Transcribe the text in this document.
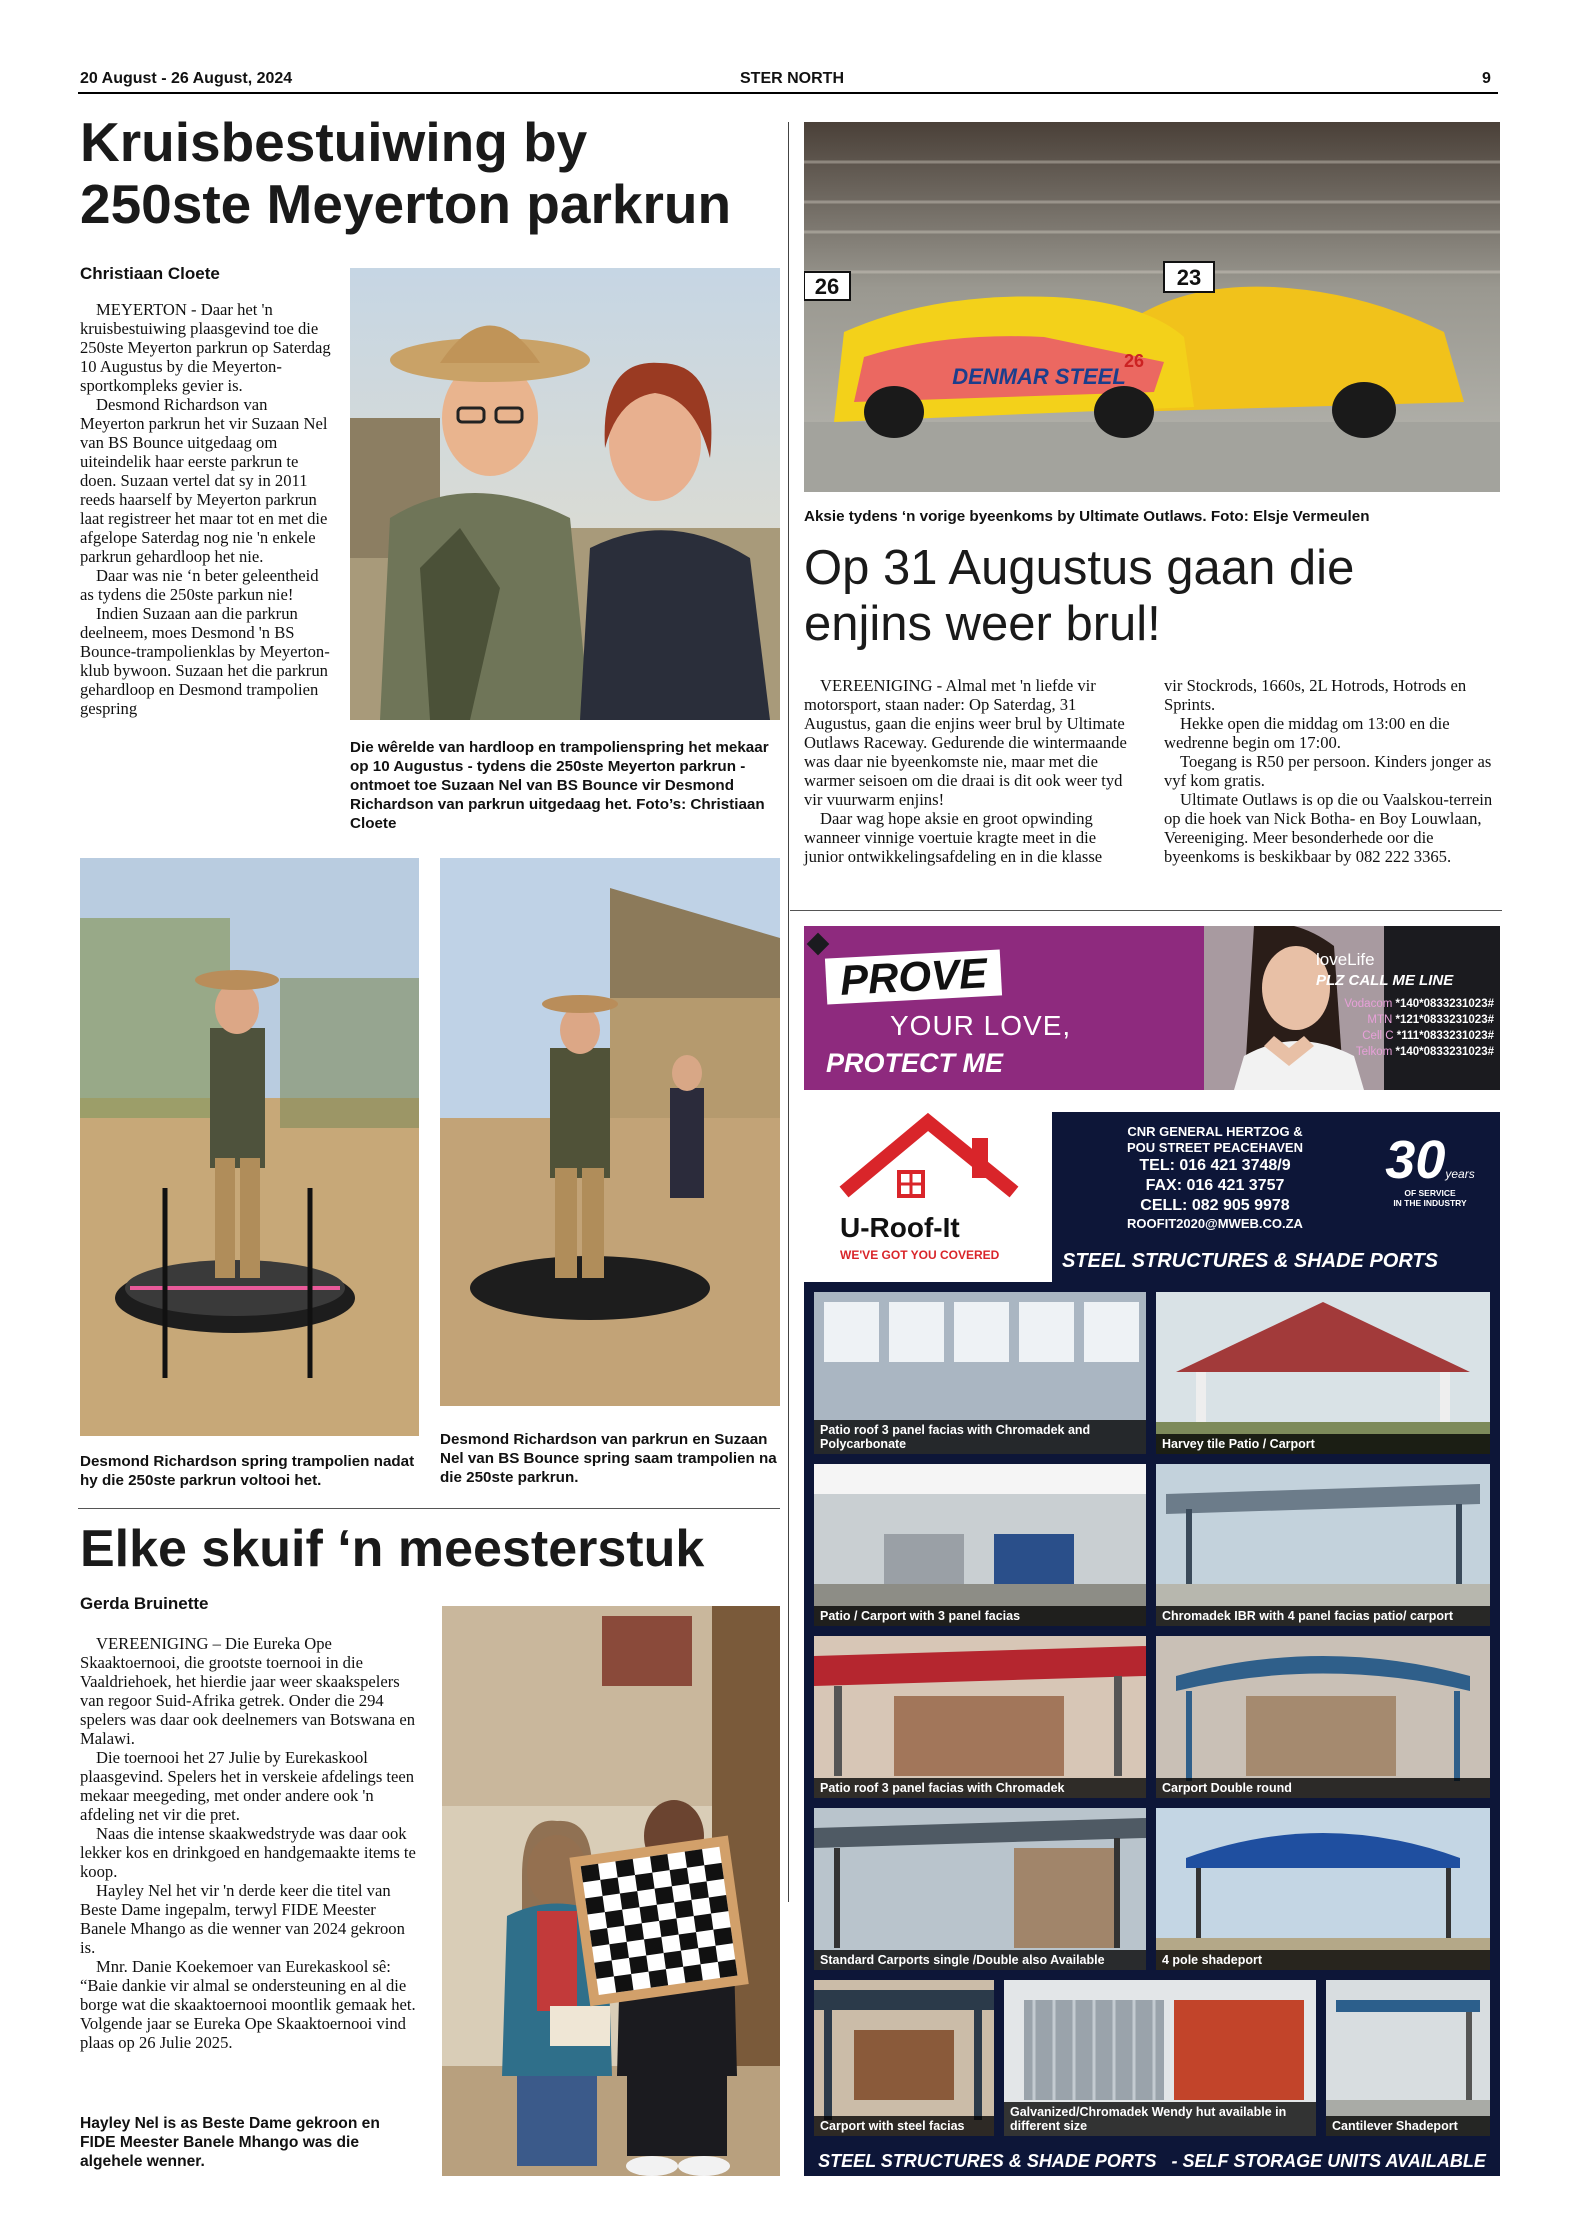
20 August - 26 August, 2024	STER NORTH	9
Kruisbestuiwing by
250ste Meyerton parkrun
Christiaan Cloete

MEYERTON - Daar het 'n kruisbestuiwing plaasgevind toe die 250ste Meyerton parkrun op Saterdag 10 Augustus by die Meyerton-sportkompleks gevier is.

Desmond Richardson van Meyerton parkrun het vir Suzaan Nel van BS Bounce uitgedaag om uiteindelik haar eerste parkrun te doen. Suzaan vertel dat sy in 2011 reeds haarself by Meyerton parkrun laat registreer het maar tot en met die afgelope Saterdag nog nie 'n enkele parkrun gehardloop het nie.

Daar was nie ‘n beter geleentheid as tydens die 250ste parkun nie!

Indien Suzaan aan die parkrun deelneem, moes Desmond 'n BS Bounce-trampolienklas by Meyerton-klub bywoon. Suzaan het die parkrun gehardloop en Desmond trampolien gespring

Die wêrelde van hardloop en trampolienspring het mekaar op 10 Augustus - tydens die 250ste Meyerton parkrun - ontmoet toe Suzaan Nel van BS Bounce vir Desmond Richardson van parkrun uitgedaag het. Foto’s: Christiaan Cloete
Desmond Richardson spring trampolien nadat hy die 250ste parkrun voltooi het.
Desmond Richardson van parkrun en Suzaan Nel van BS Bounce spring saam trampolien na die 250ste parkrun.
Elke skuif ‘n meesterstuk
Gerda Bruinette

VEREENIGING – Die Eureka Ope Skaaktoernooi, die grootste toernooi in die Vaaldriehoek, het hierdie jaar weer skaakspelers van regoor Suid-Afrika getrek. Onder die 294 spelers was daar ook deelnemers van Botswana en Malawi.

Die toernooi het 27 Julie by Eurekaskool plaasgevind. Spelers het in verskeie afdelings teen mekaar meegeding, met onder andere ook 'n afdeling net vir die pret.

Naas die intense skaakwedstryde was daar ook lekker kos en drinkgoed en handgemaakte items te koop.

Hayley Nel het vir 'n derde keer die titel van Beste Dame ingepalm, terwyl FIDE Meester Banele Mhango as die wenner van 2024 gekroon is.

Mnr. Danie Koekemoer van Eurekaskool sê: “Baie dankie vir almal se ondersteuning en al die borge wat die skaaktoernooi moontlik gemaak het. Volgende jaar se Eureka Ope Skaaktoernooi vind plaas op 26 Julie 2025.

Hayley Nel is as Beste Dame gekroon en FIDE Meester Banele Mhango was die algehele wenner.
23
DENMAR STEEL
26
26
Aksie tydens ‘n vorige byeenkoms by Ultimate Outlaws. Foto: Elsje Vermeulen
Op 31 Augustus gaan die
enjins weer brul!

VEREENIGING - Almal met 'n liefde vir motorsport, staan nader: Op Saterdag, 31 Augustus, gaan die enjins weer brul by Ultimate Outlaws Raceway. Gedurende die wintermaande was daar nie byeenkomste nie, maar met die warmer seisoen om die draai is dit ook weer tyd vir vuurwarm enjins!

Daar wag hope aksie en groot opwinding wanneer vinnige voertuie kragte meet in die junior ontwikkelingsafdeling en in die klasse

vir Stockrods, 1660s, 2L Hotrods, Hotrods en Sprints.

Hekke open die middag om 13:00 en die wedrenne begin om 17:00.

Toegang is R50 per persoon. Kinders jonger as vyf kom gratis.

Ultimate Outlaws is op die ou Vaalskou-terrein op die hoek van Nick Botha- en Boy Louwlaan, Vereeniging. Meer besonderhede oor die byeenkoms is beskikbaar by 082 222 3365.

PROVE
YOUR LOVE,
PROTECT ME
loveLife
PLZ CALL ME LINE
Vodacom *140*0833231023#
MTN *121*0833231023#
Cell C *111*0833231023#
Telkom *140*0833231023#
U-Roof-It
WE'VE GOT YOU COVERED
CNR GENERAL HERTZOG &
POU STREET PEACEHAVEN
TEL: 016 421 3748/9
FAX: 016 421 3757
CELL: 082 905 9978
ROOFIT2020@MWEB.CO.ZA
30years
OF SERVICE
IN THE INDUSTRY
STEEL STRUCTURES & SHADE PORTS
Patio roof 3 panel facias with Chromadek and Polycarbonate	Harvey tile Patio / Carport
Patio / Carport with 3 panel facias	Chromadek IBR with 4 panel facias patio/ carport
Patio roof 3 panel facias with Chromadek	Carport Double round
Standard Carports single /Double also Available	4 pole shadeport
Carport with steel facias
Galvanized/Chromadek Wendy hut available in different size	Cantilever Shadeport
STEEL STRUCTURES & SHADE PORTS   - SELF STORAGE UNITS AVAILABLE
